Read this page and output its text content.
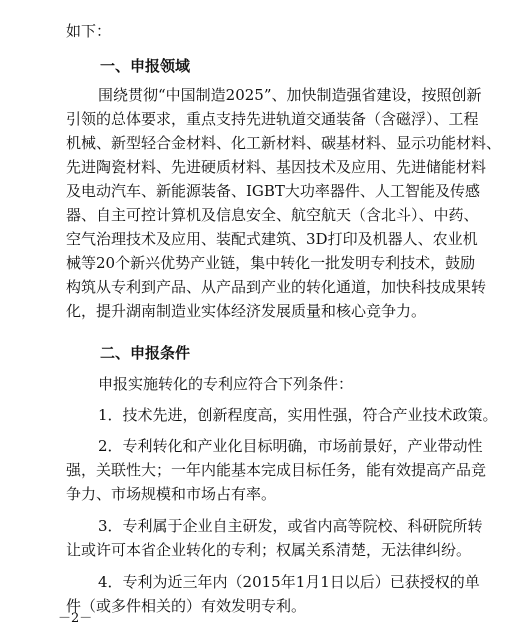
如下：
一、申报领域
围绕贯彻“中国制造2025”、加快制造强省建设，按照创新
引领的总体要求，重点支持先进轨道交通装备（含磁浮）、工程
机械、新型轻合金材料、化工新材料、碳基材料、显示功能材料、
先进陶瓷材料、先进硬质材料、基因技术及应用、先进储能材料
及电动汽车、新能源装备、IGBT大功率器件、人工智能及传感
器、自主可控计算机及信息安全、航空航天（含北斗）、中药、
空气治理技术及应用、装配式建筑、3D打印及机器人、农业机
械等20个新兴优势产业链，集中转化一批发明专利技术，鼓励
构筑从专利到产品、从产品到产业的转化通道，加快科技成果转
化，提升湖南制造业实体经济发展质量和核心竞争力。
二、申报条件
－2－
申报实施转化的专利应符合下列条件：
1．技术先进，创新程度高，实用性强，符合产业技术政策。
2．专利转化和产业化目标明确，市场前景好，产业带动性
强，关联性大；一年内能基本完成目标任务，能有效提高产品竞
争力、市场规模和市场占有率。
3．专利属于企业自主研发，或省内高等院校、科研院所转
让或许可本省企业转化的专利；权属关系清楚，无法律纠纷。
4．专利为近三年内（2015年1月1日以后）已获授权的单
件（或多件相关的）有效发明专利。
